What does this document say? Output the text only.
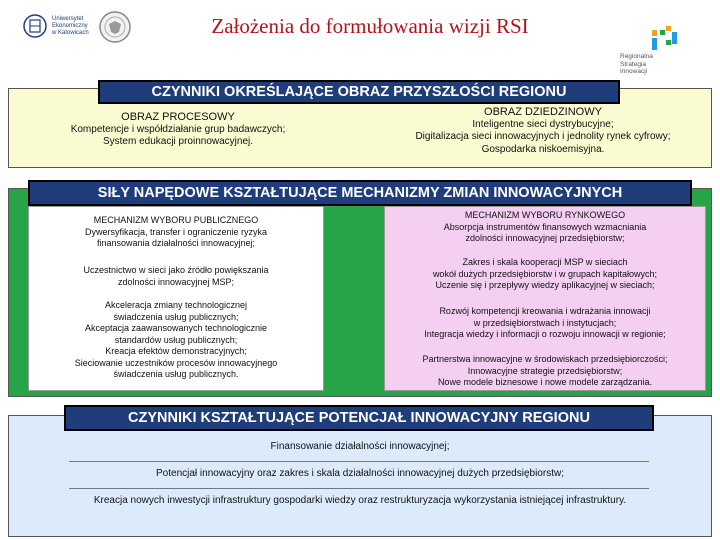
Uniwersytet
Ekonomiczny
w Katowicach	Założenia do formułowania wizji RSI
Regionalna
Strategia
Innowacji
CZYNNIKI OKREŚLAJĄCE OBRAZ PRZYSZŁOŚCI REGIONU
OBRAZ PROCESOWY
Kompetencje i współdziałanie grup badawczych;
System edukacji proinnowacyjnej.
OBRAZ DZIEDZINOWY
Inteligentne sieci dystrybucyjne;
Digitalizacja sieci innowacyjnych i jednolity rynek cyfrowy;
Gospodarka niskoemisyjna.
SIŁY NAPĘDOWE KSZTAŁTUJĄCE MECHANIZMY ZMIAN INNOWACYJNYCH
MECHANIZM WYBORU PUBLICZNEGO
Dywersyfikacja, transfer i ograniczenie ryzyka
finansowania działalności innowacyjnej;
Uczestnictwo w sieci jako źródło powiększania
zdolności innowacyjnej MSP;
Akceleracja zmiany technologicznej
świadczenia usług publicznych;
Akceptacja zaawansowanych technologicznie
standardów usług publicznych;
Kreacja efektów demonstracyjnych;
Sieciowanie uczestników procesów innowacyjnego
świadczenia usług publicznych.
MECHANIZM WYBORU RYNKOWEGO
Absorpcja instrumentów finansowych wzmacniania
zdolności innowacyjnej przedsiębiorstw;
Zakres i skala kooperacji MSP w sieciach
wokół dużych przedsiębiorstw i w grupach kapitałowych;
Uczenie się i przepływy wiedzy aplikacyjnej w sieciach;
Rozwój kompetencji kreowania i wdrażania innowacji
w przedsiębiorstwach i instytucjach;
Integracja wiedzy i informacji o rozwoju innowacji w regionie;
Partnerstwa innowacyjne w środowiskach przedsiębiorczości;
Innowacyjne strategie przedsiębiorstw;
Nowe modele biznesowe i nowe modele zarządzania.
Finansowanie działalności innowacyjnej;
Potencjał innowacyjny oraz zakres i skala działalności innowacyjnej dużych przedsiębiorstw;
Kreacja nowych inwestycji infrastruktury gospodarki wiedzy oraz restrukturyzacja wykorzystania istniejącej infrastruktury.
CZYNNIKI KSZTAŁTUJĄCE POTENCJAŁ INNOWACYJNY REGIONU
